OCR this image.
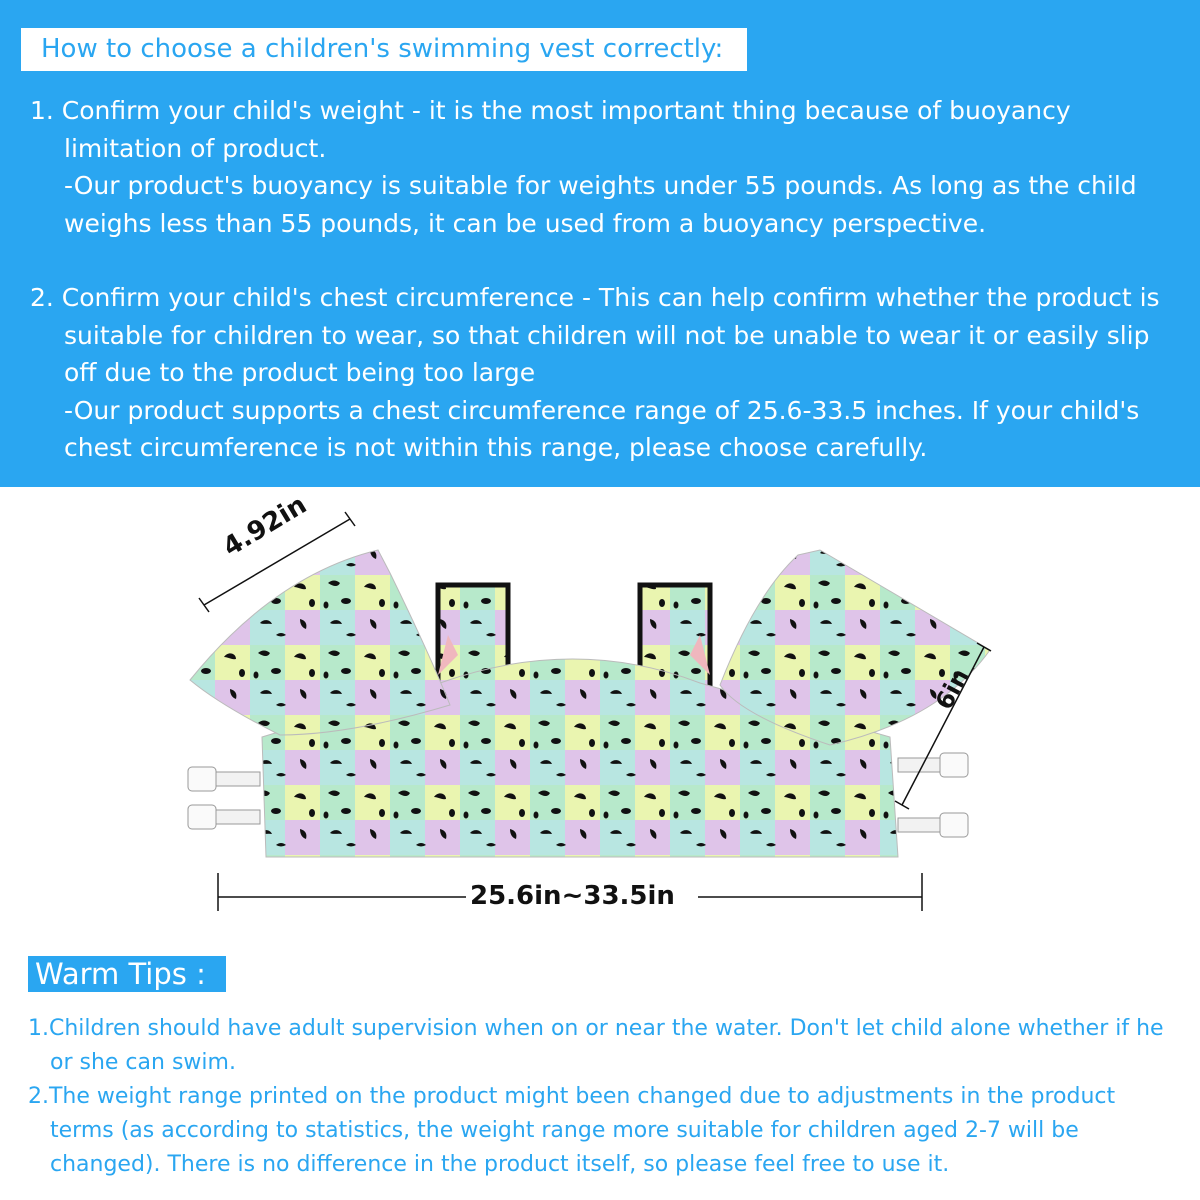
How to choose a children's swimming vest correctly:

1. Confirm your child's weight - it is the most important thing because of buoyancy limitation of product.

-Our product's buoyancy is suitable for weights under 55 pounds. As long as the child weighs less than 55 pounds, it can be used from a buoyancy perspective.

2. Confirm your child's chest circumference - This can help confirm whether the product is suitable for children to wear, so that children will not be unable to wear it or easily slip off due to the product being too large

-Our product supports a chest circumference range of 25.6-33.5 inches. If your child's chest circumference is not within this range, please choose carefully.

4.92in
25.6in~33.5in
6in
Warm Tips :

1.Children should have adult supervision when on or near the water. Don't let child alone whether if he or she can swim.

2.The weight range printed on the product might been changed due to adjustments in the product terms (as according to statistics, the weight range more suitable for children aged 2-7 will be changed). There is no difference in the product itself, so please feel free to use it.
